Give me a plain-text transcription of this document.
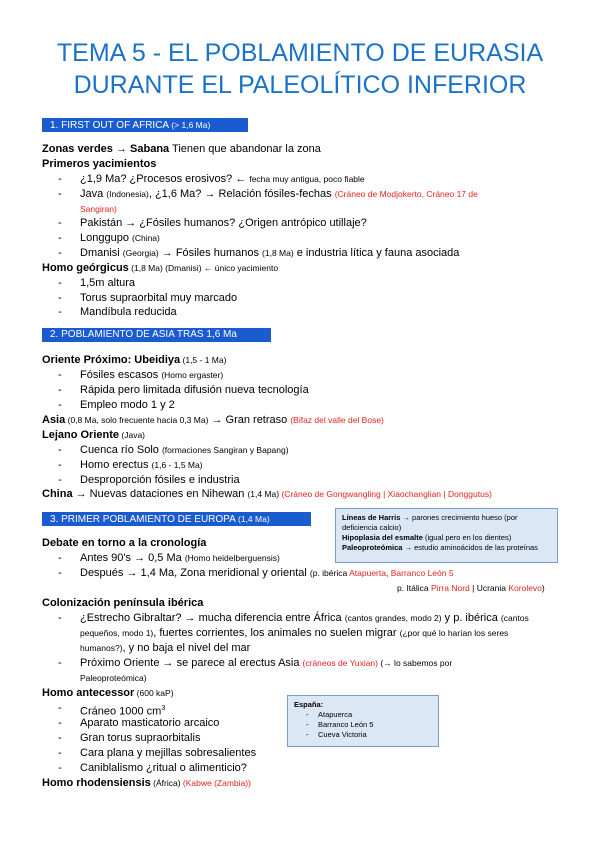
TEMA 5 - EL POBLAMIENTO DE EURASIA
DURANTE EL PALEOLÍTICO INFERIOR
1. FIRST OUT OF AFRICA (> 1,6 Ma)
Zonas verdes → Sabana Tienen que abandonar la zona
Primeros yacimientos
- ¿1,9 Ma? ¿Procesos erosivos? ← fecha muy antigua, poco fiable
- Java (Indonesia), ¿1,6 Ma? → Relación fósiles-fechas (Cráneo de Modjokerto, Cráneo 17 de
Sangiran)
- Pakistán → ¿Fósiles humanos? ¿Origen antrópico utillaje?
- Longgupo (China)
- Dmanisi (Georgia) → Fósiles humanos (1,8 Ma) e industria lítica y fauna asociada
Homo geórgicus (1,8 Ma) (Dmanisi) ← único yacimiento
- 1,5m altura
- Torus supraorbital muy marcado
- Mandíbula reducida
2. POBLAMIENTO DE ASIA TRAS 1,6 Ma
Oriente Próximo: Ubeidiya (1,5 - 1 Ma)
- Fósiles escasos (Homo ergaster)
- Rápida pero limitada difusión nueva tecnología
- Empleo modo 1 y 2
Asia (0,8 Ma, solo frecuente hacia 0,3 Ma) → Gran retraso (Bifaz del valle del Bose)
Lejano Oriente (Java)
- Cuenca río Solo (formaciones Sangiran y Bapang)
- Homo erectus (1,6 - 1,5 Ma)
- Desproporción fósiles e industria
China → Nuevas dataciones en Nihewan (1,4 Ma) (Cráneo de Gongwangling | Xiaochanglian | Donggutus)
3. PRIMER POBLAMIENTO DE EUROPA (1,4 Ma)	Líneas de Harris → parones crecimiento hueso (por
deficiencia calcio)
Hipoplasia del esmalte (igual pero en los dientes)
Paleoproteómica → estudio aminoácidos de las proteínas
Debate en torno a la cronología
- Antes 90's → 0,5 Ma (Homo heidelberguensis)
- Después → 1,4 Ma, Zona meridional y oriental (p. ibérica Atapuerta, Barranco León 5
p. Itálica Pirra Nord | Ucrania Korolevo)
Colonización península ibérica
- ¿Estrecho Gibraltar? → mucha diferencia entre África (cantos grandes, modo 2) y p. ibérica (cantos
pequeños, modo 1), fuertes corrientes, los animales no suelen migrar (¿por qué lo harían los seres
humanos?), y no baja el nivel del mar
- Próximo Oriente → se parece al erectus Asia (cráneos de Yuxian) (→ lo sabemos por
Paleoproteómica)
Homo antecessor (600 kaP)
- Cráneo 1000 $cm^3$
- Aparato masticatorio arcaico
- Gran torus supraorbitalis
- Cara plana y mejillas sobresalientes
- Caniblalismo ¿ritual o alimenticio?
Homo rhodensiensis (África) (Kabwe (Zambia))
España:
- Atapuerca
- Barranco León 5
- Cueva Victoria
